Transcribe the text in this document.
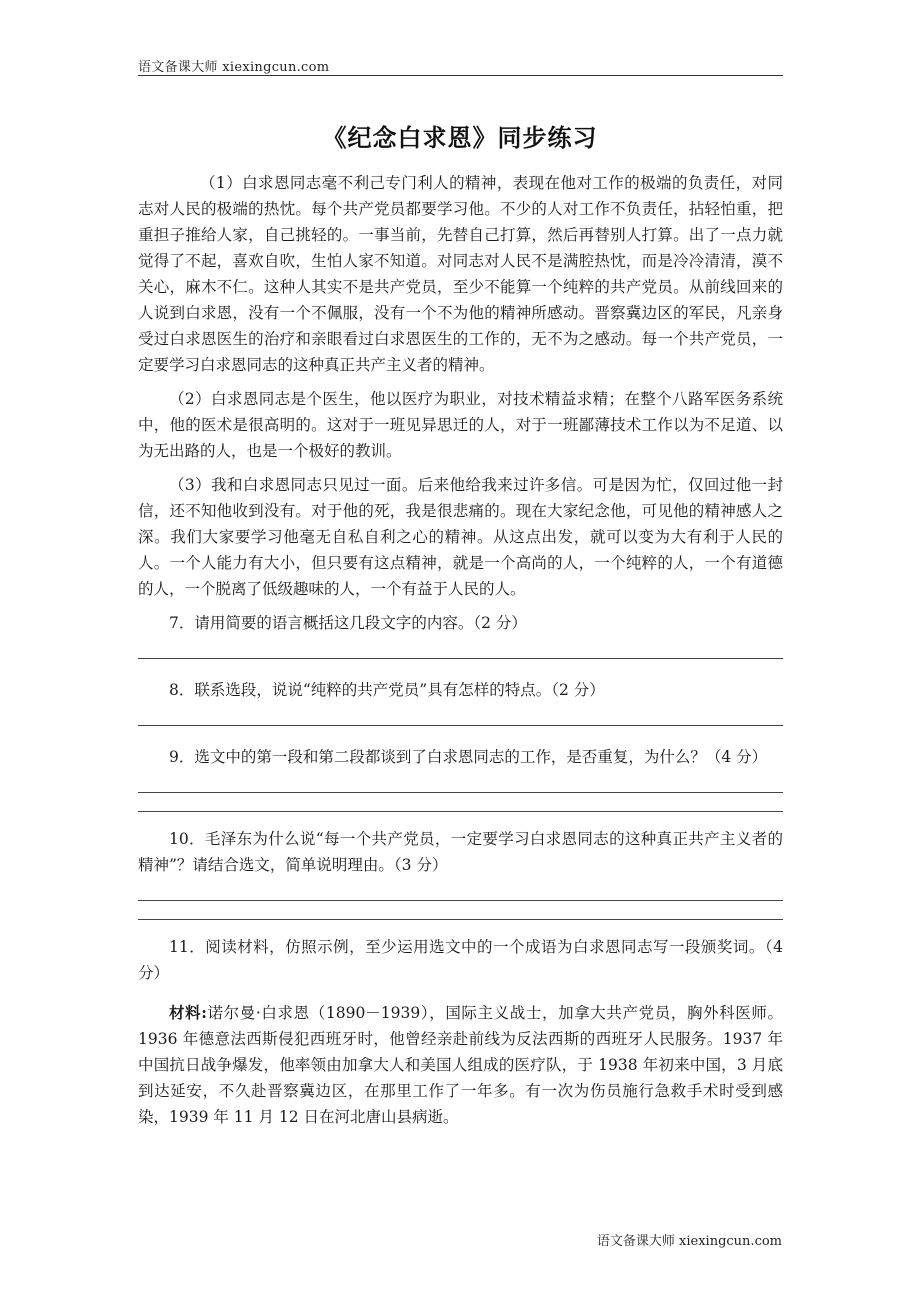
语文备课大师 xiexingcun.com
《纪念白求恩》同步练习

（1）白求恩同志毫不利己专门利人的精神，表现在他对工作的极端的负责任，对同志对人民的极端的热忱。每个共产党员都要学习他。不少的人对工作不负责任，拈轻怕重，把重担子推给人家，自己挑轻的。一事当前，先替自己打算，然后再替别人打算。出了一点力就觉得了不起，喜欢自吹，生怕人家不知道。对同志对人民不是满腔热忱，而是冷冷清清，漠不关心，麻木不仁。这种人其实不是共产党员，至少不能算一个纯粹的共产党员。从前线回来的人说到白求恩，没有一个不佩服，没有一个不为他的精神所感动。晋察冀边区的军民，凡亲身受过白求恩医生的治疗和亲眼看过白求恩医生的工作的，无不为之感动。每一个共产党员，一定要学习白求恩同志的这种真正共产主义者的精神。

（2）白求恩同志是个医生，他以医疗为职业，对技术精益求精；在整个八路军医务系统中，他的医术是很高明的。这对于一班见异思迁的人，对于一班鄙薄技术工作以为不足道、以为无出路的人，也是一个极好的教训。

（3）我和白求恩同志只见过一面。后来他给我来过许多信。可是因为忙，仅回过他一封信，还不知他收到没有。对于他的死，我是很悲痛的。现在大家纪念他，可见他的精神感人之深。我们大家要学习他毫无自私自利之心的精神。从这点出发，就可以变为大有利于人民的人。一个人能力有大小，但只要有这点精神，就是一个高尚的人，一个纯粹的人，一个有道德的人，一个脱离了低级趣味的人，一个有益于人民的人。

7．请用简要的语言概括这几段文字的内容。（2 分）

8．联系选段，说说“纯粹的共产党员”具有怎样的特点。（2 分）

9．选文中的第一段和第二段都谈到了白求恩同志的工作，是否重复，为什么？（4 分）

10．毛泽东为什么说“每一个共产党员，一定要学习白求恩同志的这种真正共产主义者的精神”？请结合选文，简单说明理由。（3 分）

11．阅读材料，仿照示例，至少运用选文中的一个成语为白求恩同志写一段颁奖词。（4 分）

材料:诺尔曼·白求恩（1890－1939），国际主义战士，加拿大共产党员，胸外科医师。1936 年德意法西斯侵犯西班牙时，他曾经亲赴前线为反法西斯的西班牙人民服务。1937 年中国抗日战争爆发，他率领由加拿大人和美国人组成的医疗队，于 1938 年初来中国，3 月底到达延安，不久赴晋察冀边区，在那里工作了一年多。有一次为伤员施行急救手术时受到感染，1939 年 11 月 12 日在河北唐山县病逝。

语文备课大师 xiexingcun.com
